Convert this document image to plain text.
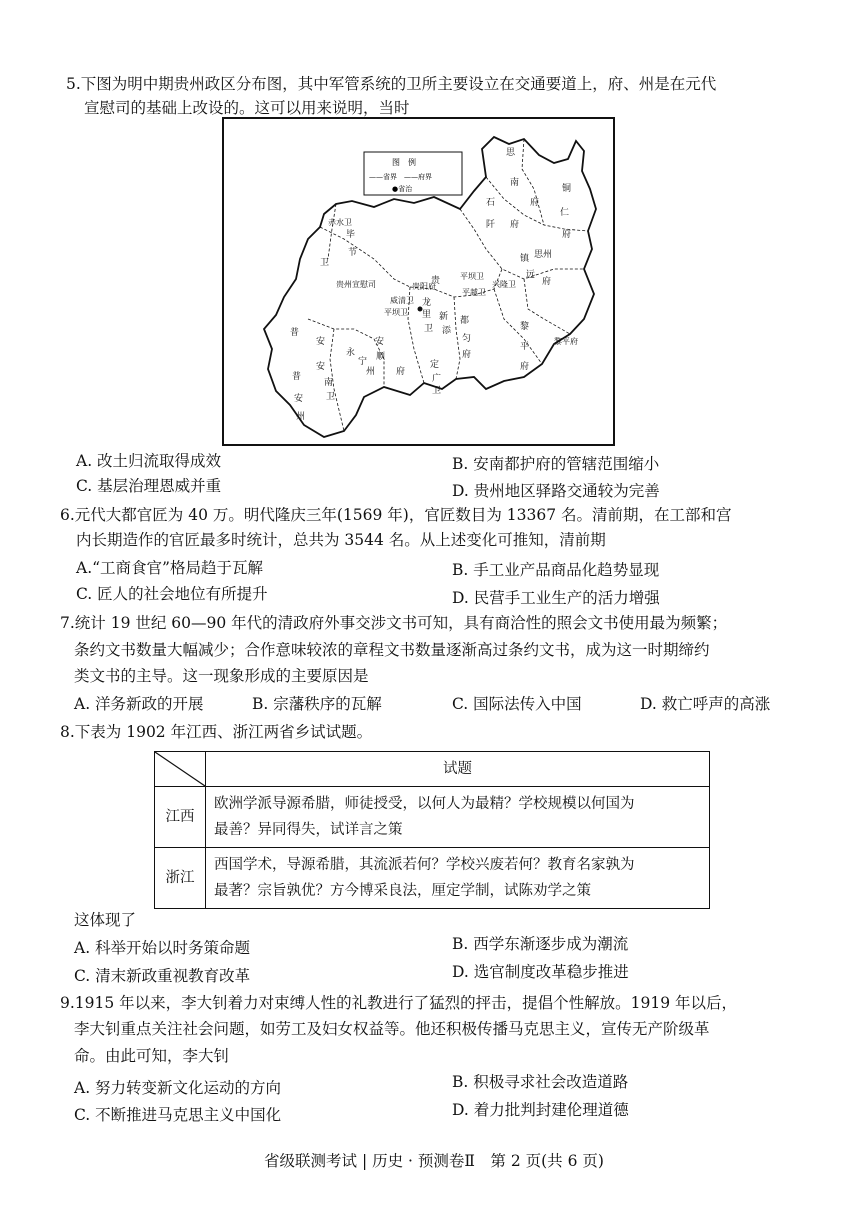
5.下图为明中期贵州政区分布图，其中军管系统的卫所主要设立在交通要道上，府、州是在元代
宣慰司的基础上改设的。这可以用来说明，当时
图　例
——省界　——府界
●省治
思
南
石	府
阡 府
铜
仁
府
镇 思州
远
府
赤水卫
毕
节
卫
贵州宣慰司	贵 平坝卫
贵阳府
威清卫
平坝卫
兴隆卫
平越卫
龙
里
卫
新
添
都
匀
府
黎平府
黎
平
府
普
安
永
宁
州
安
顺
府
定
广
卫
安
南
卫
普
安
州
A. 改土归流取得成效	B. 安南都护府的管辖范围缩小
C. 基层治理恩威并重	D. 贵州地区驿路交通较为完善
6.元代大都官匠为 40 万。明代隆庆三年(1569 年)，官匠数目为 13367 名。清前期，在工部和宫
内长期造作的官匠最多时统计，总共为 3544 名。从上述变化可推知，清前期
A.“工商食官”格局趋于瓦解	B. 手工业产品商品化趋势显现
C. 匠人的社会地位有所提升	D. 民营手工业生产的活力增强
7.统计 19 世纪 60—90 年代的清政府外事交涉文书可知，具有商洽性的照会文书使用最为频繁；
条约文书数量大幅减少；合作意味较浓的章程文书数量逐渐高过条约文书，成为这一时期缔约
类文书的主导。这一现象形成的主要原因是
A. 洋务新政的开展	B. 宗藩秩序的瓦解	C. 国际法传入中国	D. 救亡呼声的高涨
8.下表为 1902 年江西、浙江两省乡试试题。
	试题
江西	欧洲学派导源希腊，师徒授受，以何人为最精？学校规模以何国为
最善？异同得失，试详言之策

浙江	西国学术，导源希腊，其流派若何？学校兴废若何？教育名家孰为
最著？宗旨孰优？方今博采良法，厘定学制，试陈劝学之策
这体现了
A. 科举开始以时务策命题	B. 西学东渐逐步成为潮流
C. 清末新政重视教育改革	D. 选官制度改革稳步推进
9.1915 年以来，李大钊着力对束缚人性的礼教进行了猛烈的抨击，提倡个性解放。1919 年以后，
李大钊重点关注社会问题，如劳工及妇女权益等。他还积极传播马克思主义，宣传无产阶级革
命。由此可知，李大钊
A. 努力转变新文化运动的方向	B. 积极寻求社会改造道路
C. 不断推进马克思主义中国化	D. 着力批判封建伦理道德
省级联测考试 | 历史 · 预测卷Ⅱ　第 2 页(共 6 页)
